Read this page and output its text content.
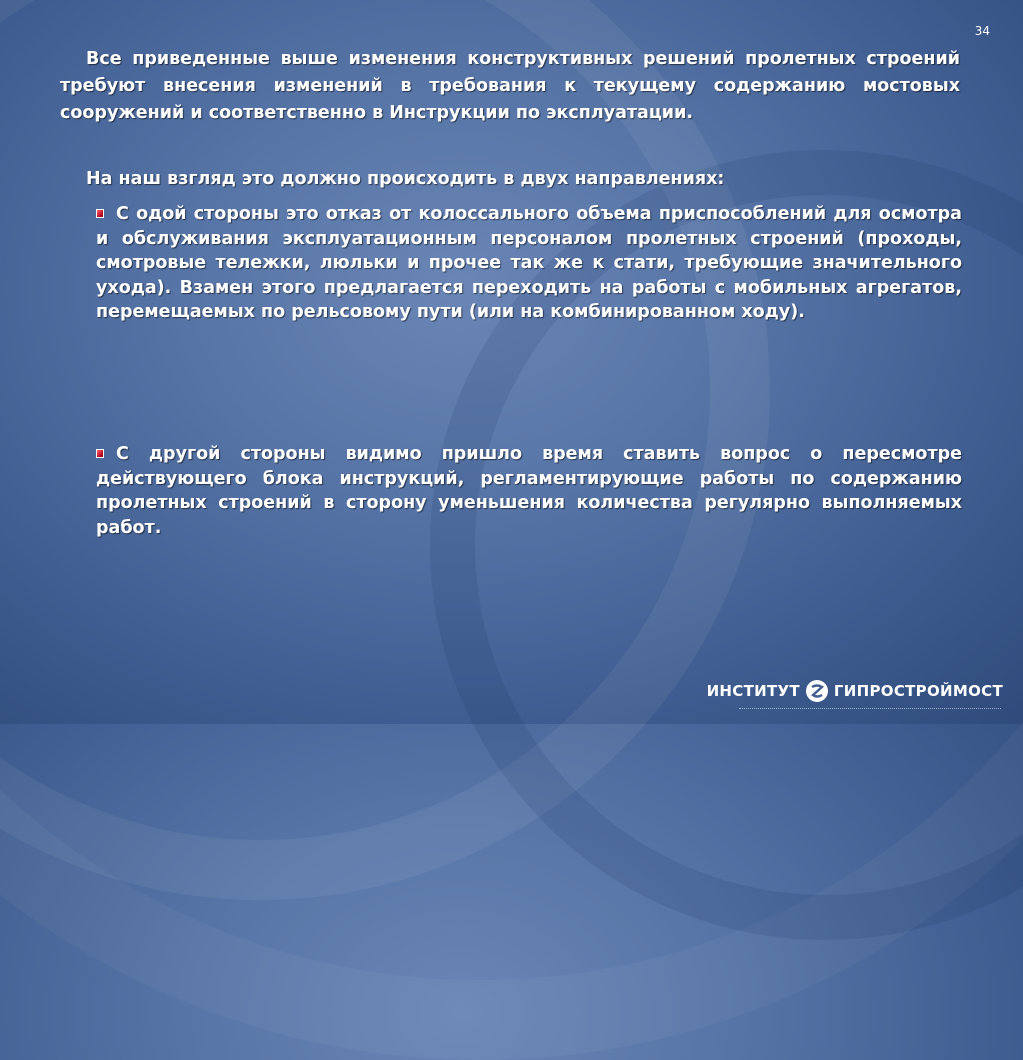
34
Все приведенные выше изменения конструктивных решений пролетных строений требуют внесения изменений в требования к текущему содержанию мостовых сооружений и соответственно в Инструкции по эксплуатации.
На наш взгляд это должно происходить в двух направлениях:
С одой стороны это отказ от колоссального объема приспособлений для осмотра и обслуживания эксплуатационным персоналом пролетных строений (проходы, смотровые тележки, люльки и прочее так же к стати, требующие значительного ухода). Взамен этого предлагается переходить на работы с мобильных агрегатов, перемещаемых по рельсовому пути (или на комбинированном ходу).
С другой стороны видимо пришло время ставить вопрос о пересмотре действующего блока инструкций, регламентирующие работы по содержанию пролетных строений в сторону уменьшения количества регулярно выполняемых работ.
ИНСТИТУТ ГИПРОСТРОЙМОСТ
